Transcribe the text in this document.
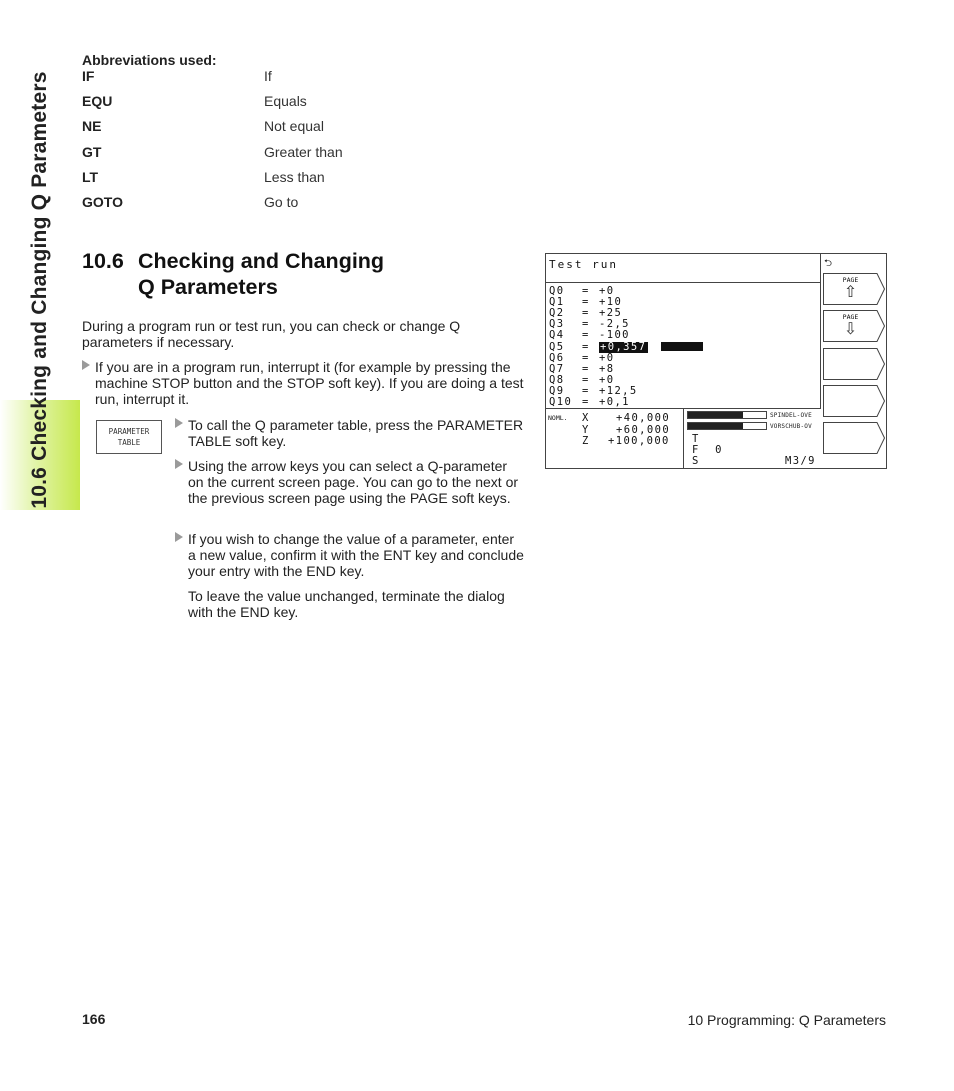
10.6 Checking and Changing Q Parameters
Abbreviations used:
IF	If
EQU	Equals
NE	Not equal
GT	Greater than
LT	Less than
GOTO	Go to
10.6 Checking and Changing
Q Parameters
During a program run or test run, you can check or change Q parameters if necessary.
If you are in a program run, interrupt it (for example by pressing the machine STOP button and the STOP soft key). If you are doing a test run, interrupt it.
PARAMETER
TABLE
To call the Q parameter table, press the PARAMETER TABLE soft key.
Using the arrow keys you can select a Q-parameter on the current screen page. You can go to the next or the previous screen page using the PAGE soft keys.
If you wish to change the value of a parameter, enter a new value, confirm it with the ENT key and conclude your entry with the END key.
To leave the value unchanged, terminate the dialog with the END key.
Test run
Q0 = +0
Q1 = +10
Q2 = +25
Q3 = -2,5
Q4 = -100
Q5 = +0,357
Q6 = +0
Q7 = +8
Q8 = +0
Q9 = +12,5
Q10 = +0,1
NOML. X	+40,000
Y	+60,000
Z +100,000
SPINDEL-OVE
VORSCHUB-OV
T
F  0
S	M3/9
⮌
PAGE
⇧
PAGE
⇩
166	10 Programming: Q Parameters
